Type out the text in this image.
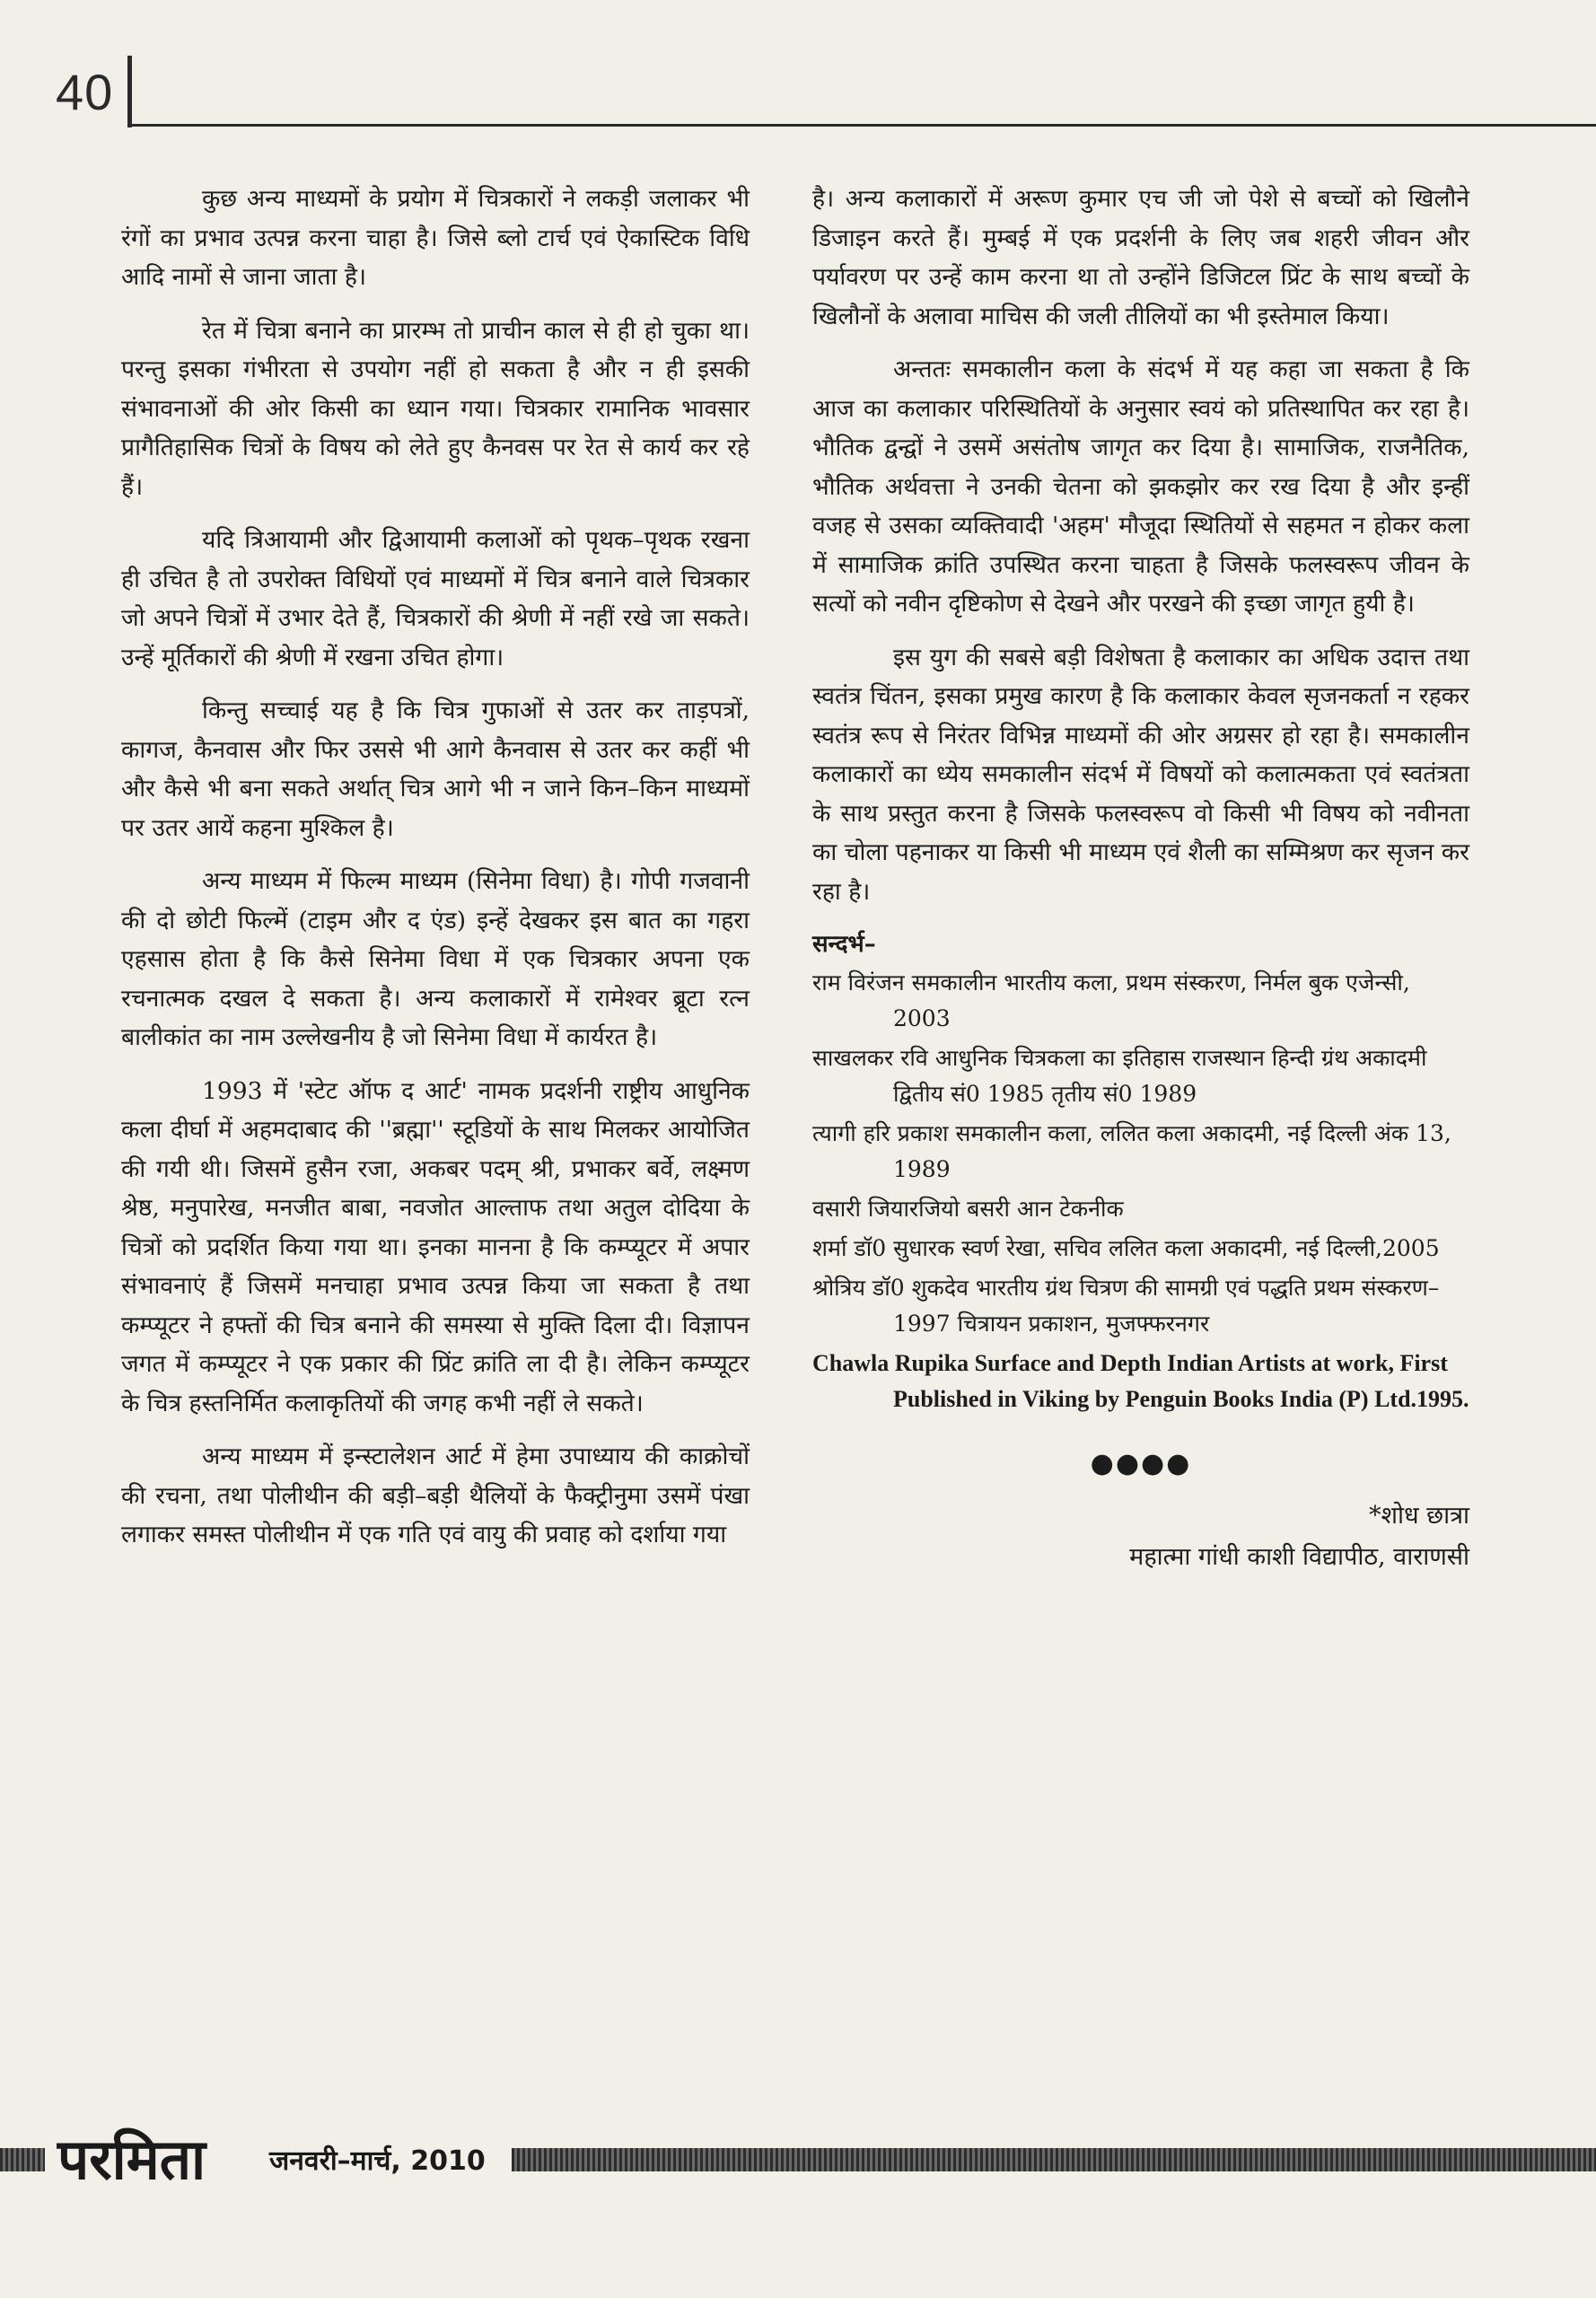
40

कुछ अन्य माध्यमों के प्रयोग में चित्रकारों ने लकड़ी जलाकर भी रंगों का प्रभाव उत्पन्न करना चाहा है। जिसे ब्लो टार्च एवं ऐकास्टिक विधि आदि नामों से जाना जाता है।

रेत में चित्रा बनाने का प्रारम्भ तो प्राचीन काल से ही हो चुका था। परन्तु इसका गंभीरता से उपयोग नहीं हो सकता है और न ही इसकी संभावनाओं की ओर किसी का ध्यान गया। चित्रकार रामानिक भावसार प्रागैतिहासिक चित्रों के विषय को लेते हुए कैनवस पर रेत से कार्य कर रहे हैं।

यदि त्रिआयामी और द्विआयामी कलाओं को पृथक–पृथक रखना ही उचित है तो उपरोक्त विधियों एवं माध्यमों में चित्र बनाने वाले चित्रकार जो अपने चित्रों में उभार देते हैं, चित्रकारों की श्रेणी में नहीं रखे जा सकते। उन्हें मूर्तिकारों की श्रेणी में रखना उचित होगा।

किन्तु सच्चाई यह है कि चित्र गुफाओं से उतर कर ताड़पत्रों, कागज, कैनवास और फिर उससे भी आगे कैनवास से उतर कर कहीं भी और कैसे भी बना सकते अर्थात् चित्र आगे भी न जाने किन–किन माध्यमों पर उतर आयें कहना मुश्किल है।

अन्य माध्यम में फिल्म माध्यम (सिनेमा विधा) है। गोपी गजवानी की दो छोटी फिल्में (टाइम और द एंड) इन्हें देखकर इस बात का गहरा एहसास होता है कि कैसे सिनेमा विधा में एक चित्रकार अपना एक रचनात्मक दखल दे सकता है। अन्य कलाकारों में रामेश्वर ब्रूटा रत्न बालीकांत का नाम उल्लेखनीय है जो सिनेमा विधा में कार्यरत है।

1993 में 'स्टेट ऑफ द आर्ट' नामक प्रदर्शनी राष्ट्रीय आधुनिक कला दीर्घा में अहमदाबाद की ''ब्रह्मा'' स्टूडियों के साथ मिलकर आयोजित की गयी थी। जिसमें हुसैन रजा, अकबर पदम् श्री, प्रभाकर बर्वे, लक्ष्मण श्रेष्ठ, मनुपारेख, मनजीत बाबा, नवजोत आल्ताफ तथा अतुल दोदिया के चित्रों को प्रदर्शित किया गया था। इनका मानना है कि कम्प्यूटर में अपार संभावनाएं हैं जिसमें मनचाहा प्रभाव उत्पन्न किया जा सकता है तथा कम्प्यूटर ने हफ्तों की चित्र बनाने की समस्या से मुक्ति दिला दी। विज्ञापन जगत में कम्प्यूटर ने एक प्रकार की प्रिंट क्रांति ला दी है। लेकिन कम्प्यूटर के चित्र हस्तनिर्मित कलाकृतियों की जगह कभी नहीं ले सकते।

अन्य माध्यम में इन्स्टालेशन आर्ट में हेमा उपाध्याय की काक्रोचों की रचना, तथा पोलीथीन की बड़ी–बड़ी थैलियों के फैक्ट्रीनुमा उसमें पंखा लगाकर समस्त पोलीथीन में एक गति एवं वायु की प्रवाह को दर्शाया गया

है। अन्य कलाकारों में अरूण कुमार एच जी जो पेशे से बच्चों को खिलौने डिजाइन करते हैं। मुम्बई में एक प्रदर्शनी के लिए जब शहरी जीवन और पर्यावरण पर उन्हें काम करना था तो उन्होंने डिजिटल प्रिंट के साथ बच्चों के खिलौनों के अलावा माचिस की जली तीलियों का भी इस्तेमाल किया।

अन्ततः समकालीन कला के संदर्भ में यह कहा जा सकता है कि आज का कलाकार परिस्थितियों के अनुसार स्वयं को प्रतिस्थापित कर रहा है। भौतिक द्वन्द्वों ने उसमें असंतोष जागृत कर दिया है। सामाजिक, राजनैतिक, भौतिक अर्थवत्ता ने उनकी चेतना को झकझोर कर रख दिया है और इन्हीं वजह से उसका व्यक्तिवादी 'अहम' मौजूदा स्थितियों से सहमत न होकर कला में सामाजिक क्रांति उपस्थित करना चाहता है जिसके फलस्वरूप जीवन के सत्यों को नवीन दृष्टिकोण से देखने और परखने की इच्छा जागृत हुयी है।

इस युग की सबसे बड़ी विशेषता है कलाकार का अधिक उदात्त तथा स्वतंत्र चिंतन, इसका प्रमुख कारण है कि कलाकार केवल सृजनकर्ता न रहकर स्वतंत्र रूप से निरंतर विभिन्न माध्यमों की ओर अग्रसर हो रहा है। समकालीन कलाकारों का ध्येय समकालीन संदर्भ में विषयों को कलात्मकता एवं स्वतंत्रता के साथ प्रस्तुत करना है जिसके फलस्वरूप वो किसी भी विषय को नवीनता का चोला पहनाकर या किसी भी माध्यम एवं शैली का सम्मिश्रण कर सृजन कर रहा है।

सन्दर्भ–

राम विरंजन समकालीन भारतीय कला, प्रथम संस्करण, निर्मल बुक एजेन्सी, 2003

साखलकर रवि आधुनिक चित्रकला का इतिहास राजस्थान हिन्दी ग्रंथ अकादमी द्वितीय सं0 1985 तृतीय सं0 1989

त्यागी हरि प्रकाश समकालीन कला, ललित कला अकादमी, नई दिल्ली अंक 13, 1989

वसारी जियारजियो बसरी आन टेकनीक

शर्मा डॉ0 सुधारक स्वर्ण रेखा, सचिव ललित कला अकादमी, नई दिल्ली,2005

श्रोत्रिय डॉ0 शुकदेव भारतीय ग्रंथ चित्रण की सामग्री एवं पद्धति प्रथम संस्करण–1997 चित्रायन प्रकाशन, मुजफ्फरनगर

Chawla Rupika Surface and Depth Indian Artists at work, First Published in Viking by Penguin Books India (P) Ltd.1995.

●●●●

*शोध छात्रा

महात्मा गांधी काशी विद्यापीठ, वाराणसी

परमिता जनवरी–मार्च, 2010
